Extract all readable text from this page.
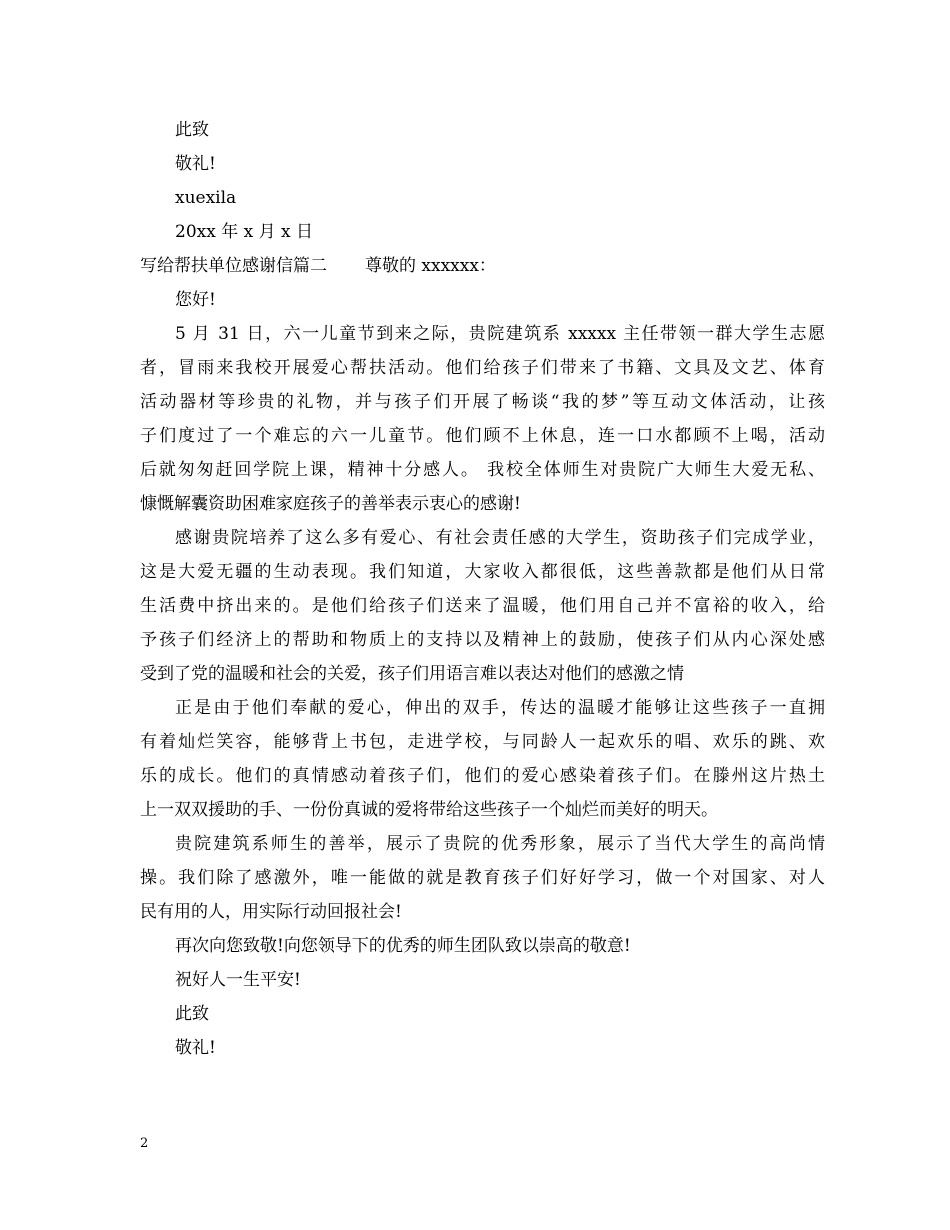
此致
敬礼!
xuexila
20xx 年 x 月 x 日
写给帮扶单位感谢信篇二 尊敬的 xxxxxx：
您好!
5 月 31 日，六一儿童节到来之际，贵院建筑系 xxxxx 主任带领一群大学生志愿
者，冒雨来我校开展爱心帮扶活动。他们给孩子们带来了书籍、文具及文艺、体育
活动器材等珍贵的礼物，并与孩子们开展了畅谈“我的梦”等互动文体活动，让孩
子们度过了一个难忘的六一儿童节。他们顾不上休息，连一口水都顾不上喝，活动
后就匆匆赶回学院上课，精神十分感人。 我校全体师生对贵院广大师生大爱无私、
慷慨解囊资助困难家庭孩子的善举表示衷心的感谢!
感谢贵院培养了这么多有爱心、有社会责任感的大学生，资助孩子们完成学业，
这是大爱无疆的生动表现。我们知道，大家收入都很低，这些善款都是他们从日常
生活费中挤出来的。是他们给孩子们送来了温暖，他们用自己并不富裕的收入，给
予孩子们经济上的帮助和物质上的支持以及精神上的鼓励，使孩子们从内心深处感
受到了党的温暖和社会的关爱，孩子们用语言难以表达对他们的感激之情
正是由于他们奉献的爱心，伸出的双手，传达的温暖才能够让这些孩子一直拥
有着灿烂笑容，能够背上书包，走进学校，与同龄人一起欢乐的唱、欢乐的跳、欢
乐的成长。他们的真情感动着孩子们，他们的爱心感染着孩子们。在滕州这片热土
上一双双援助的手、一份份真诚的爱将带给这些孩子一个灿烂而美好的明天。
贵院建筑系师生的善举，展示了贵院的优秀形象，展示了当代大学生的高尚情
操。我们除了感激外，唯一能做的就是教育孩子们好好学习，做一个对国家、对人
民有用的人，用实际行动回报社会!
再次向您致敬!向您领导下的优秀的师生团队致以崇高的敬意!
祝好人一生平安!
此致
敬礼!
2
